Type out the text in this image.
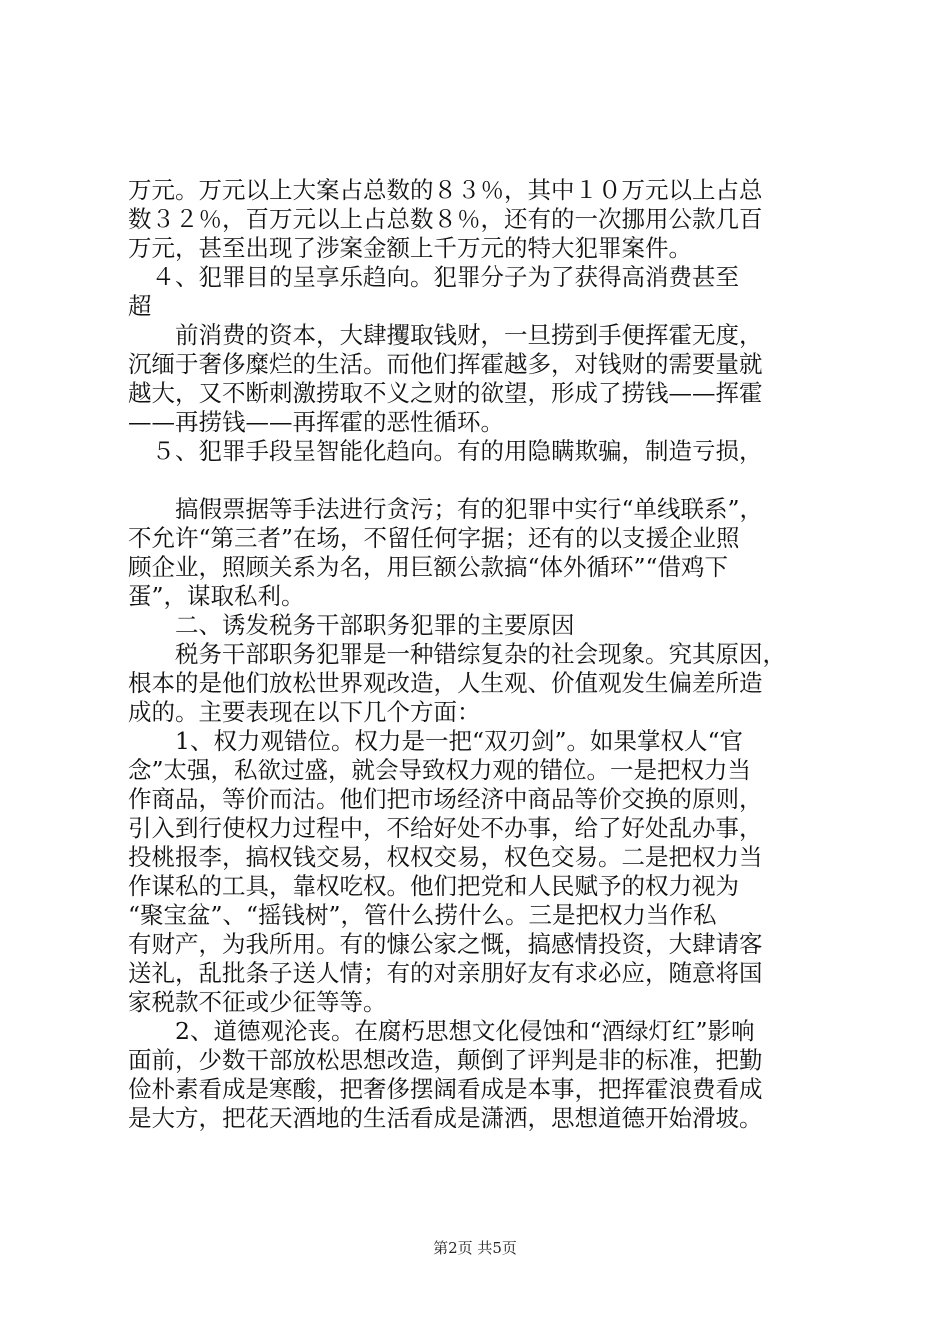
万元。万元以上大案占总数的８３％，其中１０万元以上占总
数３２％，百万元以上占总数８％，还有的一次挪用公款几百
万元，甚至出现了涉案金额上千万元的特大犯罪案件。
　４、犯罪目的呈享乐趋向。犯罪分子为了获得高消费甚至
超
　　前消费的资本，大肆攫取钱财，一旦捞到手便挥霍无度，
沉缅于奢侈糜烂的生活。而他们挥霍越多，对钱财的需要量就
越大，又不断刺激捞取不义之财的欲望，形成了捞钱——挥霍
——再捞钱——再挥霍的恶性循环。
　５、犯罪手段呈智能化趋向。有的用隐瞒欺骗，制造亏损，
　　搞假票据等手法进行贪污；有的犯罪中实行“单线联系”，
不允许“第三者”在场，不留任何字据；还有的以支援企业照
顾企业，照顾关系为名，用巨额公款搞“体外循环”“借鸡下
蛋”，谋取私利。
　　二、诱发税务干部职务犯罪的主要原因
　　税务干部职务犯罪是一种错综复杂的社会现象。究其原因，
根本的是他们放松世界观改造，人生观、价值观发生偏差所造
成的。主要表现在以下几个方面：
　　1、权力观错位。权力是一把“双刃剑”。如果掌权人“官
念”太强，私欲过盛，就会导致权力观的错位。一是把权力当
作商品，等价而沽。他们把市场经济中商品等价交换的原则，
引入到行使权力过程中，不给好处不办事，给了好处乱办事，
投桃报李，搞权钱交易，权权交易，权色交易。二是把权力当
作谋私的工具，靠权吃权。他们把党和人民赋予的权力视为
“聚宝盆”、“摇钱树”，管什么捞什么。三是把权力当作私
有财产，为我所用。有的慷公家之慨，搞感情投资，大肆请客
送礼，乱批条子送人情；有的对亲朋好友有求必应，随意将国
家税款不征或少征等等。
　　2、道德观沦丧。在腐朽思想文化侵蚀和“酒绿灯红”影响
面前，少数干部放松思想改造，颠倒了评判是非的标准，把勤
俭朴素看成是寒酸，把奢侈摆阔看成是本事，把挥霍浪费看成
是大方，把花天酒地的生活看成是潇洒，思想道德开始滑坡。
第2页 共5页
